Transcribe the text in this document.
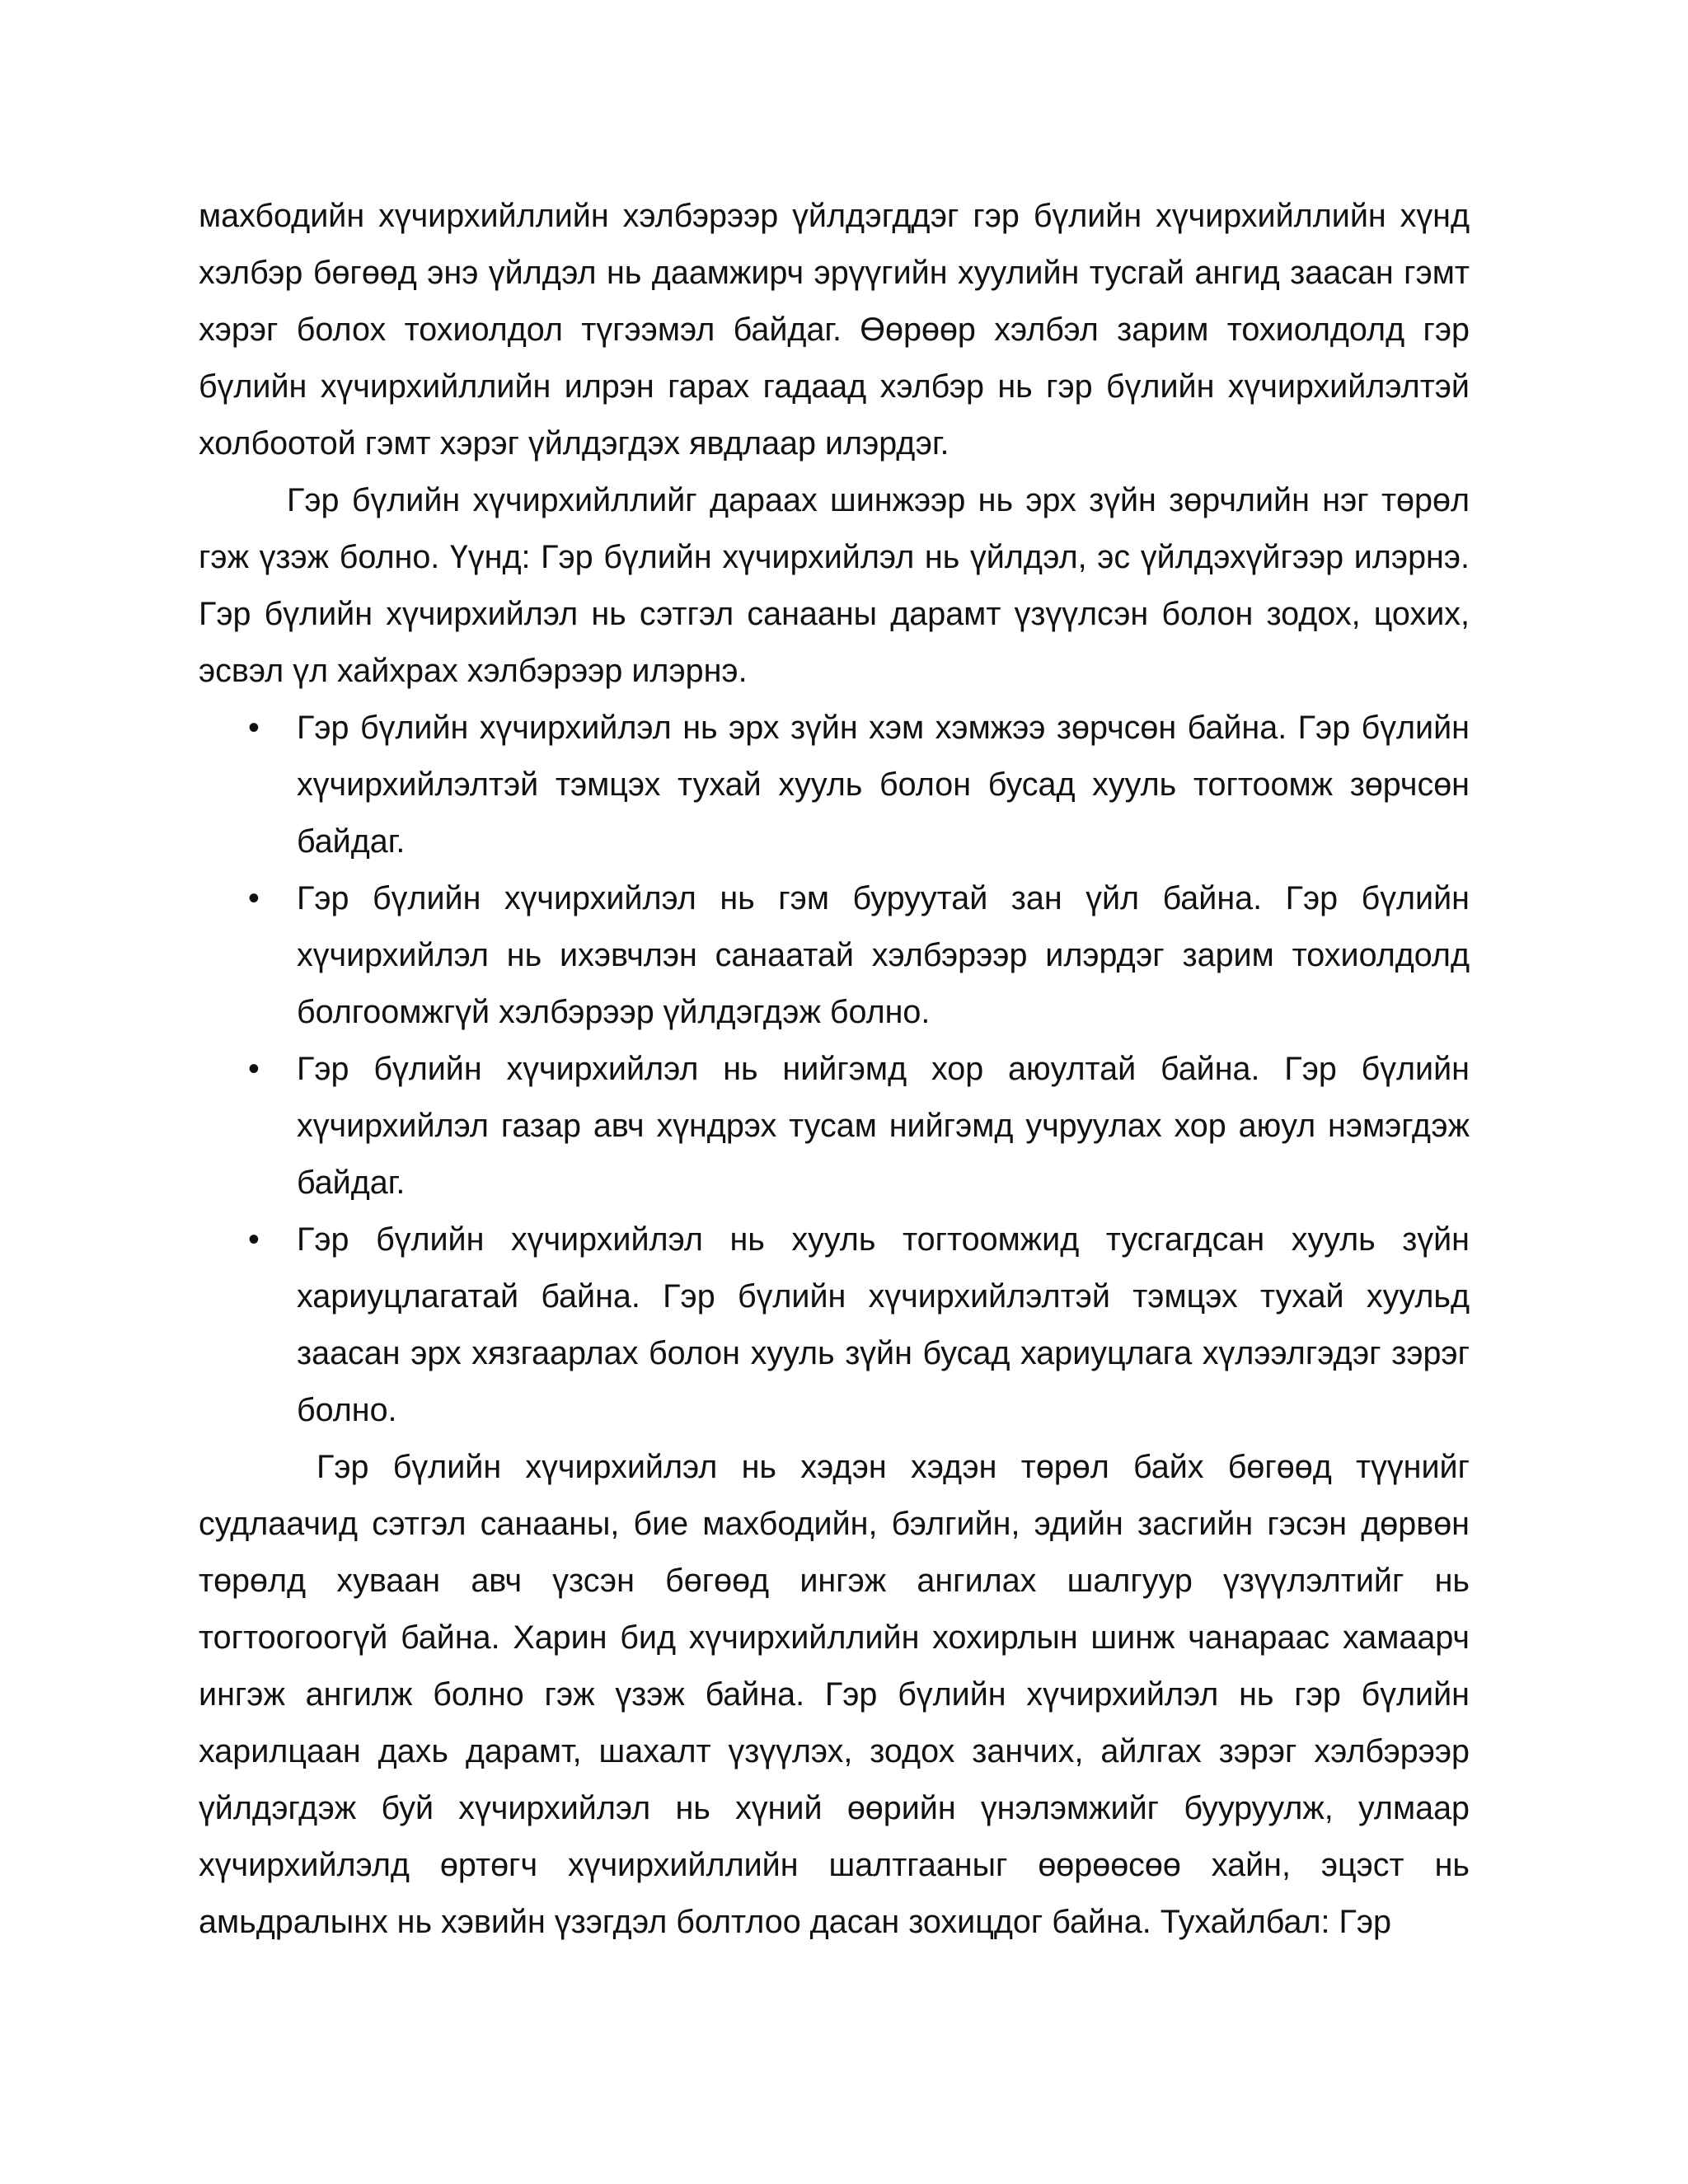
махбодийн хүчирхийллийн хэлбэрээр үйлдэгддэг гэр бүлийн хүчирхийллийн хүнд хэлбэр бөгөөд энэ үйлдэл нь даамжирч эрүүгийн хуулийн тусгай ангид заасан гэмт хэрэг болох тохиолдол түгээмэл байдаг. Өөрөөр хэлбэл зарим тохиолдолд гэр бүлийн хүчирхийллийн илрэн гарах гадаад хэлбэр нь гэр бүлийн хүчирхийлэлтэй холбоотой гэмт хэрэг үйлдэгдэх явдлаар илэрдэг.

Гэр бүлийн хүчирхийллийг дараах шинжээр нь эрх зүйн зөрчлийн нэг төрөл гэж үзэж болно. Үүнд: Гэр бүлийн хүчирхийлэл нь үйлдэл, эс үйлдэхүйгээр илэрнэ. Гэр бүлийн хүчирхийлэл нь сэтгэл санааны дарамт үзүүлсэн болон зодох, цохих, эсвэл үл хайхрах хэлбэрээр илэрнэ.

•	Гэр бүлийн хүчирхийлэл нь эрх зүйн хэм хэмжээ зөрчсөн байна. Гэр бүлийн хүчирхийлэлтэй тэмцэх тухай хууль болон бусад хууль тогтоомж зөрчсөн байдаг.
•	Гэр бүлийн хүчирхийлэл нь гэм буруутай зан үйл байна. Гэр бүлийн хүчирхийлэл нь ихэвчлэн санаатай хэлбэрээр илэрдэг зарим тохиолдолд болгоомжгүй хэлбэрээр үйлдэгдэж болно.
•	Гэр бүлийн хүчирхийлэл нь нийгэмд хор аюултай байна. Гэр бүлийн хүчирхийлэл газар авч хүндрэх тусам нийгэмд учруулах хор аюул нэмэгдэж байдаг.
•	Гэр бүлийн хүчирхийлэл нь хууль тогтоомжид тусгагдсан хууль зүйн хариуцлагатай байна. Гэр бүлийн хүчирхийлэлтэй тэмцэх тухай хуульд заасан эрх хязгаарлах болон хууль зүйн бусад хариуцлага хүлээлгэдэг зэрэг болно.

Гэр бүлийн хүчирхийлэл нь хэдэн хэдэн төрөл байх бөгөөд түүнийг судлаачид сэтгэл санааны, бие махбодийн, бэлгийн, эдийн засгийн гэсэн дөрвөн төрөлд хуваан авч үзсэн бөгөөд ингэж ангилах шалгуур үзүүлэлтийг нь тогтоогоогүй байна. Харин бид хүчирхийллийн хохирлын шинж чанараас хамаарч ингэж ангилж болно гэж үзэж байна. Гэр бүлийн хүчирхийлэл нь гэр бүлийн харилцаан дахь дарамт, шахалт үзүүлэх, зодох занчих, айлгах зэрэг хэлбэрээр үйлдэгдэж буй хүчирхийлэл нь хүний өөрийн үнэлэмжийг бууруулж, улмаар хүчирхийлэлд өртөгч хүчирхийллийн шалтгааныг өөрөөсөө хайн, эцэст нь амьдралынх нь хэвийн үзэгдэл болтлоо дасан зохицдог байна. Тухайлбал: Гэр
